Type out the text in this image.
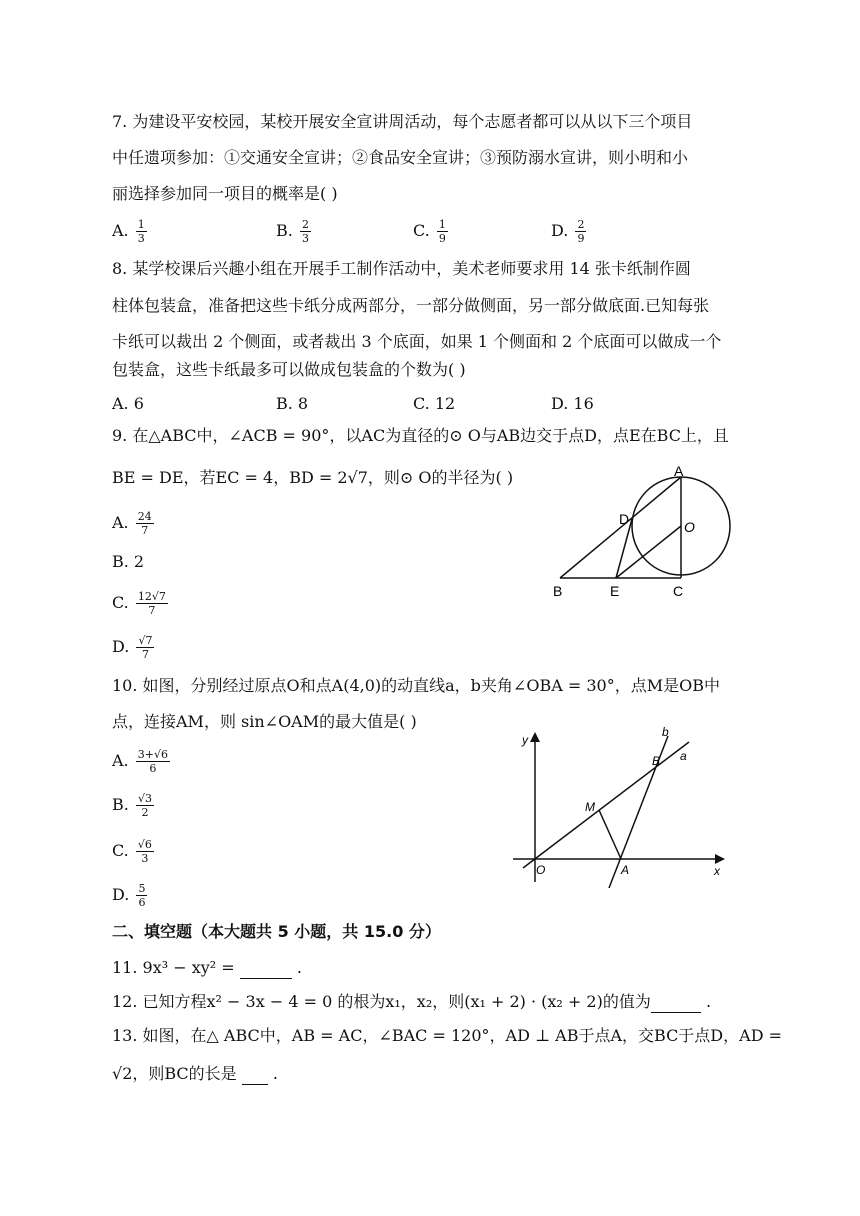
7. 为建设平安校园，某校开展安全宣讲周活动，每个志愿者都可以从以下三个项目
中任遗项参加：①交通安全宣讲；②食品安全宣讲；③预防溺水宣讲，则小明和小
丽选择参加同一项目的概率是( )
A. $\frac{1}{3}$	B. $\frac{2}{3}$	C. $\frac{1}{9}$	D. $\frac{2}{9}$
8. 某学校课后兴趣小组在开展手工制作活动中，美术老师要求用 14 张卡纸制作圆
柱体包装盒，准备把这些卡纸分成两部分，一部分做侧面，另一部分做底面.已知每张
卡纸可以裁出 2 个侧面，或者裁出 3 个底面，如果 1 个侧面和 2 个底面可以做成一个
包装盒，这些卡纸最多可以做成包装盒的个数为( )
A. 6	B. 8	C. 12	D. 16
9. 在△ABC中，∠ACB = 90°，以AC为直径的⊙ O与AB边交于点D，点E在BC上，且
BE = DE，若EC = 4，BD = 2√7，则⊙ O的半径为( )
A. $\frac{24}{7}$
B. 2
C. $\frac{12√7}{7}$
D. $\frac{√7}{7}$
A
D	O
B	E	C
10. 如图，分别经过原点O和点A(4,0)的动直线a，b夹角∠OBA = 30°，点M是OB中
点，连接AM，则 sin∠OAM的最大值是( )
A. $\frac{3+√6}{6}$
B. $\frac{√3}{2}$
C. $\frac{√6}{3}$
D. $\frac{5}{6}$
y
x
O	A
M
B a
b
二、填空题（本大题共 5 小题，共 15.0 分）
11. 9x³ − xy² =	.
12. 已知方程x² − 3x − 4 = 0 的根为x₁，x₂，则(x₁ + 2) · (x₂ + 2)的值为	.
13. 如图，在△ ABC中，AB = AC，∠BAC = 120°，AD ⊥ AB于点A，交BC于点D，AD =
√2，则BC的长是   .
